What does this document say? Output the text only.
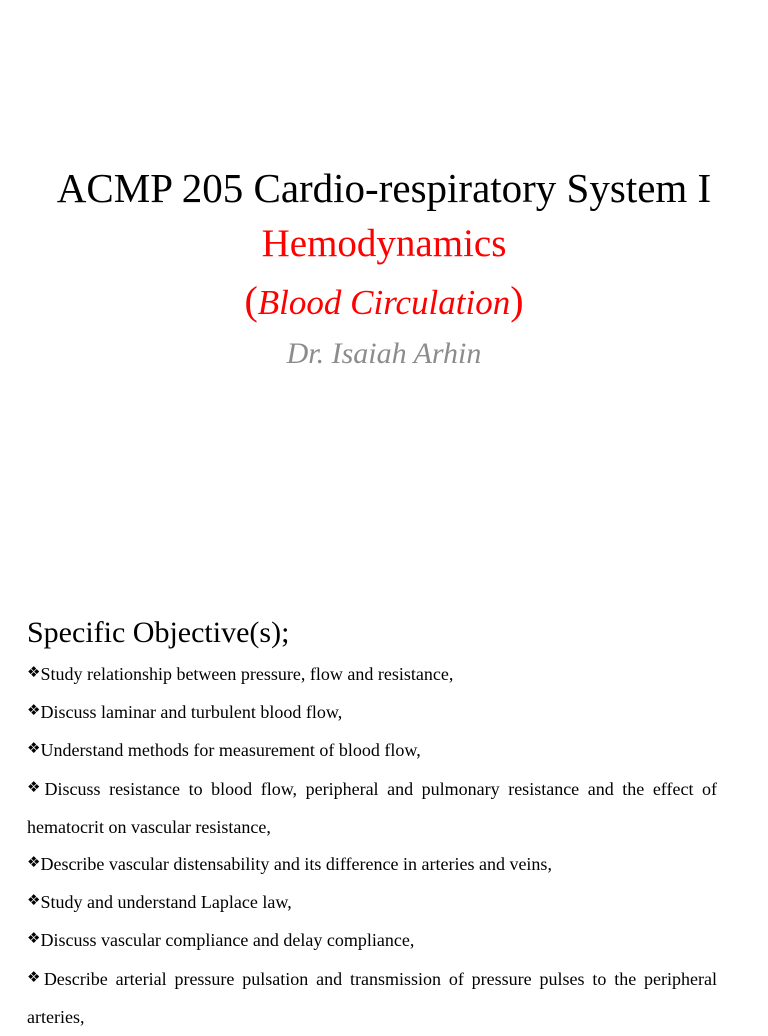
ACMP 205 Cardio-respiratory System I

Hemodynamics

(Blood Circulation)

Dr. Isaiah Arhin

Specific Objective(s);

❖Study relationship between pressure, flow and resistance,
❖Discuss laminar and turbulent blood flow,
❖Understand methods for measurement of blood flow,
❖Discuss resistance to blood flow, peripheral and pulmonary resistance and the effect of hematocrit on vascular resistance,
❖Describe vascular distensability and its difference in arteries and veins,
❖Study and understand Laplace law,
❖Discuss vascular compliance and delay compliance,
❖Describe arterial pressure pulsation and transmission of pressure pulses to the peripheral arteries,
